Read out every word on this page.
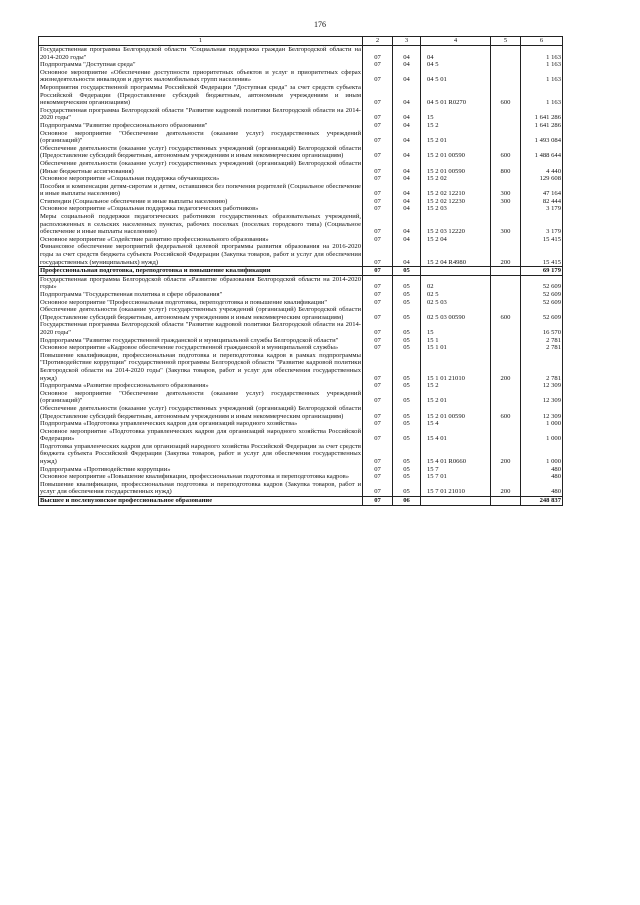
176
1	2	3	4	5	6
Государственная программа Белгородской области "Социальная поддержка граждан Белгородской области на 2014-2020 годы"	07	04	04		1 163
Подпрограмма "Доступная среда"	07	04	04 5		1 163
Основное мероприятие «Обеспечение доступности приоритетных объектов и услуг в приоритетных сферах жизнедеятельности инвалидов и других маломобильных групп населения»	07	04	04 5 01		1 163
Мероприятия государственной программы Российской Федерации "Доступная среда" за счет средств субъекта Российской Федерации (Предоставление субсидий бюджетным, автономным учреждениям и иным некоммерческим организациям)	07	04	04 5 01 R0270	600	1 163
Государственная программа Белгородской области "Развитие кадровой политики Белгородской области на 2014-2020 годы"	07	04	15		1 641 286
Подпрограмма "Развитие профессионального образования"	07	04	15 2		1 641 286
Основное мероприятие "Обеспечение деятельности (оказание услуг) государственных учреждений (организаций)"	07	04	15 2 01		1 493 084
Обеспечение деятельности (оказание услуг) государственных учреждений (организаций) Белгородской области (Предоставление субсидий бюджетным, автономным учреждениям и иным некоммерческим организациям)	07	04	15 2 01 00590	600	1 488 644
Обеспечение деятельности (оказание услуг) государственных учреждений (организаций) Белгородской области (Иные бюджетные ассигнования)	07	04	15 2 01 00590	800	4 440
Основное мероприятие «Социальная поддержка обучающихся»	07	04	15 2 02		129 608
Пособия и компенсации детям-сиротам и детям, оставшимся без попечения родителей (Социальное обеспечение и иные выплаты населению)	07	04	15 2 02 12210	300	47 164
Стипендии (Социальное обеспечение и иные выплаты населению)	07	04	15 2 02 12230	300	82 444
Основное мероприятие «Социальная поддержка педагогических работников»	07	04	15 2 03		3 179
Меры социальной поддержки педагогических работников государственных образовательных учреждений, расположенных в сельских населенных пунктах, рабочих поселках (поселках городского типа) (Социальное обеспечение и иные выплаты населению)	07	04	15 2 03 12220	300	3 179
Основное мероприятие «Содействие развитию профессионального образования»	07	04	15 2 04		15 415
Финансовое обеспечение мероприятий федеральной целевой программы развития образования на 2016-2020 годы за счет средств бюджета субъекта Российской Федерации (Закупка товаров, работ и услуг для обеспечения государственных (муниципальных) нужд)	07	04	15 2 04 R4980	200	15 415
Профессиональная подготовка, переподготовка и повышение квалификации	07	05			69 179
Государственная программа Белгородской области «Развитие образования Белгородской области на 2014-2020 годы»	07	05	02		52 609
Подпрограмма "Государственная политика в сфере образования"	07	05	02 5		52 609
Основное мероприятие "Профессиональная подготовка, переподготовка и повышение квалификации"	07	05	02 5 03		52 609
Обеспечение деятельности (оказание услуг) государственных учреждений (организаций) Белгородской области (Предоставление субсидий бюджетным, автономным учреждениям и иным некоммерческим организациям)	07	05	02 5 03 00590	600	52 609
Государственная программа Белгородской области "Развитие кадровой политики Белгородской области на 2014-2020 годы"	07	05	15		16 570
Подпрограмма "Развитие государственной гражданской и муниципальной службы Белгородской области"	07	05	15 1		2 781
Основное мероприятие «Кадровое обеспечение государственной гражданской и муниципальной службы»	07	05	15 1 01		2 781
Повышение квалификации, профессиональная подготовка и переподготовка кадров в рамках подпрограммы "Противодействие коррупции" государственной программы Белгородской области "Развитие кадровой политики Белгородской области на 2014-2020 годы" (Закупка товаров, работ и услуг для обеспечения государственных нужд)	07	05	15 1 01 21010	200	2 781
Подпрограмма «Развитие профессионального образования»	07	05	15 2		12 309
Основное мероприятие "Обеспечение деятельности (оказание услуг) государственных учреждений (организаций)"	07	05	15 2 01		12 309
Обеспечение деятельности (оказание услуг) государственных учреждений (организаций) Белгородской области (Предоставление субсидий бюджетным, автономным учреждениям и иным некоммерческим организациям)	07	05	15 2 01 00590	600	12 309
Подпрограмма «Подготовка управленческих кадров для организаций народного хозяйства»	07	05	15 4		1 000
Основное мероприятие «Подготовка управленческих кадров для организаций народного хозяйства Российской Федерации»	07	05	15 4 01		1 000
Подготовка управленческих кадров для организаций народного хозяйства Российской Федерации за счет средств бюджета субъекта Российской Федерации (Закупка товаров, работ и услуг для обеспечения государственных нужд)	07	05	15 4 01 R0660	200	1 000
Подпрограмма «Противодействие коррупции»	07	05	15 7		480
Основное мероприятие «Повышение квалификации, профессиональная подготовка и переподготовка кадров»	07	05	15 7 01		480
Повышение квалификации, профессиональная подготовка и переподготовка кадров (Закупка товаров, работ и услуг для обеспечения государственных нужд)	07	05	15 7 01 21010	200	480
Высшее и послевузовское профессиональное образование	07	06			248 837
